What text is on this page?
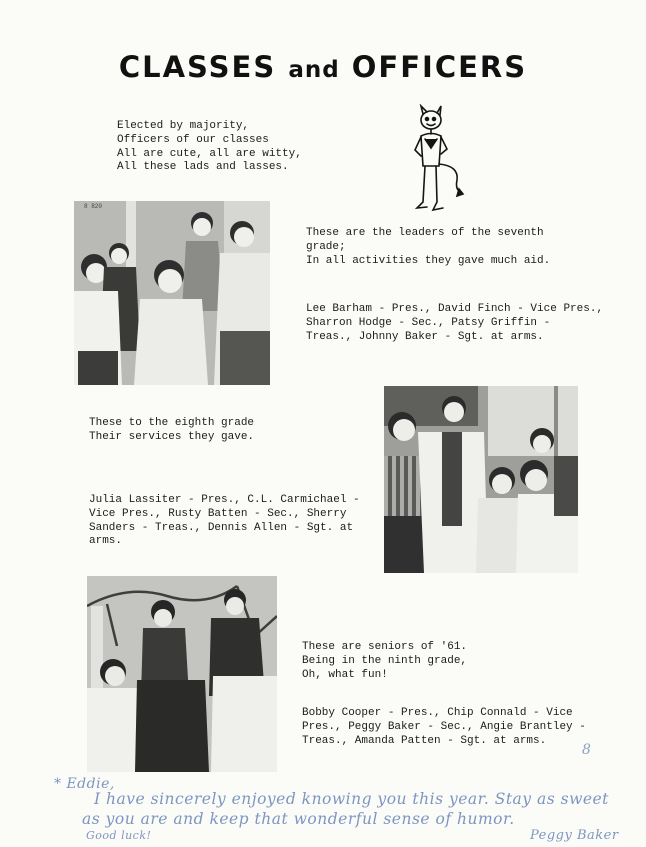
CLASSES and OFFICERS
Elected by majority,
Officers of our classes
All are cute, all are witty,
All these lads and lasses.
8 820
These are the leaders of the seventh
grade;
In all activities they gave much aid.
Lee Barham - Pres., David Finch - Vice Pres.,
Sharron Hodge - Sec., Patsy Griffin -
Treas., Johnny Baker - Sgt. at arms.
These to the eighth grade
Their services they gave.
Julia Lassiter - Pres., C.L. Carmichael -
Vice Pres., Rusty Batten - Sec., Sherry
Sanders - Treas., Dennis Allen - Sgt. at
arms.
These are seniors of '61.
Being in the ninth grade,
Oh, what fun!
Bobby Cooper - Pres., Chip Connald - Vice
Pres., Peggy Baker - Sec., Angie Brantley -
Treas., Amanda Patten - Sgt. at arms.
8
* Eddie,
I have sincerely enjoyed knowing you this year. Stay as sweet
as you are and keep that wonderful sense of humor.
Good luck!	Peggy Baker
